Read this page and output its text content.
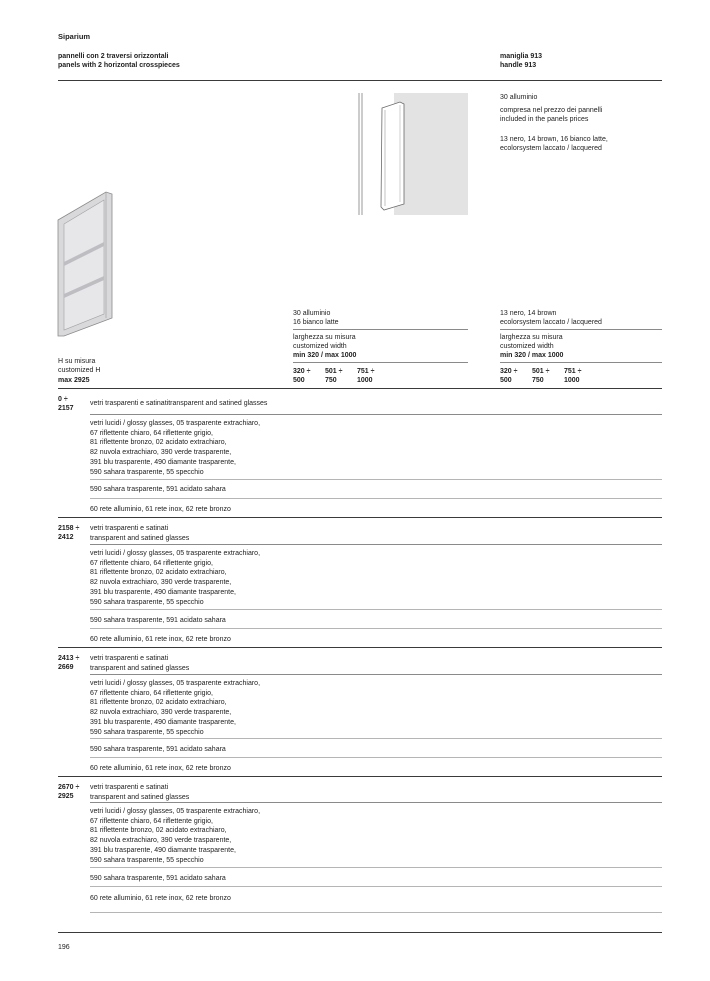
Siparium
pannelli con 2 traversi orizzontali
panels with 2 horizontal crosspieces
maniglia 913
handle 913
30 alluminio
compresa nel prezzo dei pannelli
included in the panels prices
13 nero, 14 brown, 16 bianco latte,
ecolorsystem laccato / lacquered
H su misura
customized H
max 2925
30 alluminio
16 bianco latte
larghezza su misura
customized width
min 320 / max 1000
320 ÷ 501 ÷ 751 ÷
500	750	1000
13 nero, 14 brown
ecolorsystem laccato / lacquered
larghezza su misura
customized width
min 320 / max 1000
320 ÷ 501 ÷ 751 ÷
500	750	1000
0 ÷
2157
vetri trasparenti e satinatitransparent and satined glasses
vetri lucidi / glossy glasses, 05 trasparente extrachiaro,
67 riflettente chiaro, 64 riflettente grigio,
81 riflettente bronzo, 02 acidato extrachiaro,
82 nuvola extrachiaro, 390 verde trasparente,
391 blu trasparente, 490 diamante trasparente,
590 sahara trasparente, 55 specchio
590 sahara trasparente, 591 acidato sahara
60 rete alluminio, 61 rete inox, 62 rete bronzo
2158 ÷
2412
vetri trasparenti e satinati
transparent and satined glasses
vetri lucidi / glossy glasses, 05 trasparente extrachiaro,
67 riflettente chiaro, 64 riflettente grigio,
81 riflettente bronzo, 02 acidato extrachiaro,
82 nuvola extrachiaro, 390 verde trasparente,
391 blu trasparente, 490 diamante trasparente,
590 sahara trasparente, 55 specchio
590 sahara trasparente, 591 acidato sahara
60 rete alluminio, 61 rete inox, 62 rete bronzo
2413 ÷
2669
vetri trasparenti e satinati
transparent and satined glasses
vetri lucidi / glossy glasses, 05 trasparente extrachiaro,
67 riflettente chiaro, 64 riflettente grigio,
81 riflettente bronzo, 02 acidato extrachiaro,
82 nuvola extrachiaro, 390 verde trasparente,
391 blu trasparente, 490 diamante trasparente,
590 sahara trasparente, 55 specchio
590 sahara trasparente, 591 acidato sahara
60 rete alluminio, 61 rete inox, 62 rete bronzo
2670 ÷
2925
vetri trasparenti e satinati
transparent and satined glasses
vetri lucidi / glossy glasses, 05 trasparente extrachiaro,
67 riflettente chiaro, 64 riflettente grigio,
81 riflettente bronzo, 02 acidato extrachiaro,
82 nuvola extrachiaro, 390 verde trasparente,
391 blu trasparente, 490 diamante trasparente,
590 sahara trasparente, 55 specchio
590 sahara trasparente, 591 acidato sahara
60 rete alluminio, 61 rete inox, 62 rete bronzo
196
